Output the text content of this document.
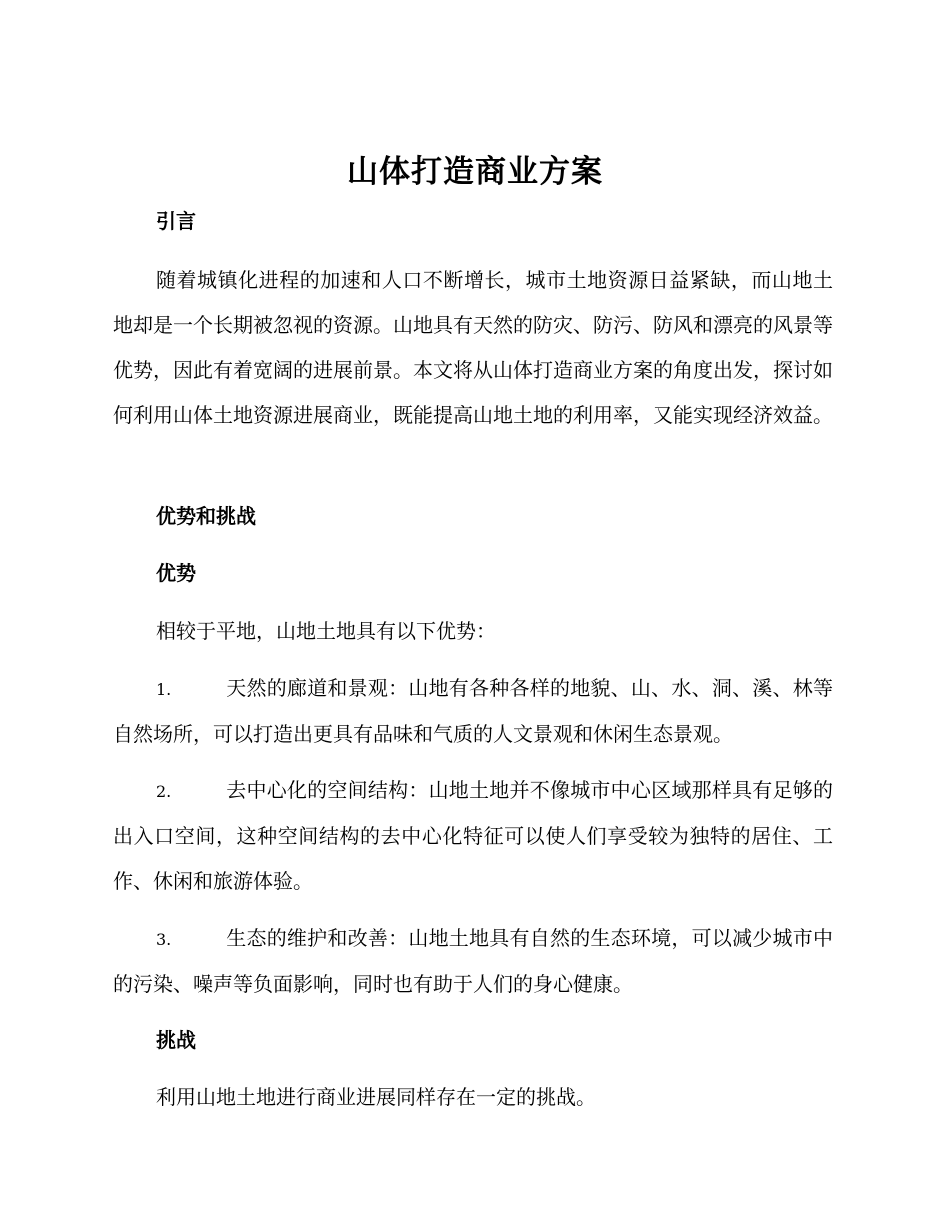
山体打造商业方案
引言

随着城镇化进程的加速和人口不断增长，城市土地资源日益紧缺，而山地土地却是一个长期被忽视的资源。山地具有天然的防灾、防污、防风和漂亮的风景等优势，因此有着宽阔的进展前景。本文将从山体打造商业方案的角度出发，探讨如何利用山体土地资源进展商业，既能提高山地土地的利用率，又能实现经济效益。

优势和挑战
优势

相较于平地，山地土地具有以下优势：

1.	天然的廊道和景观：山地有各种各样的地貌、山、水、洞、溪、林等自然场所，可以打造出更具有品味和气质的人文景观和休闲生态景观。

2.	去中心化的空间结构：山地土地并不像城市中心区域那样具有足够的出入口空间，这种空间结构的去中心化特征可以使人们享受较为独特的居住、工作、休闲和旅游体验。

3.	生态的维护和改善：山地土地具有自然的生态环境，可以减少城市中的污染、噪声等负面影响，同时也有助于人们的身心健康。

挑战

利用山地土地进行商业进展同样存在一定的挑战。
